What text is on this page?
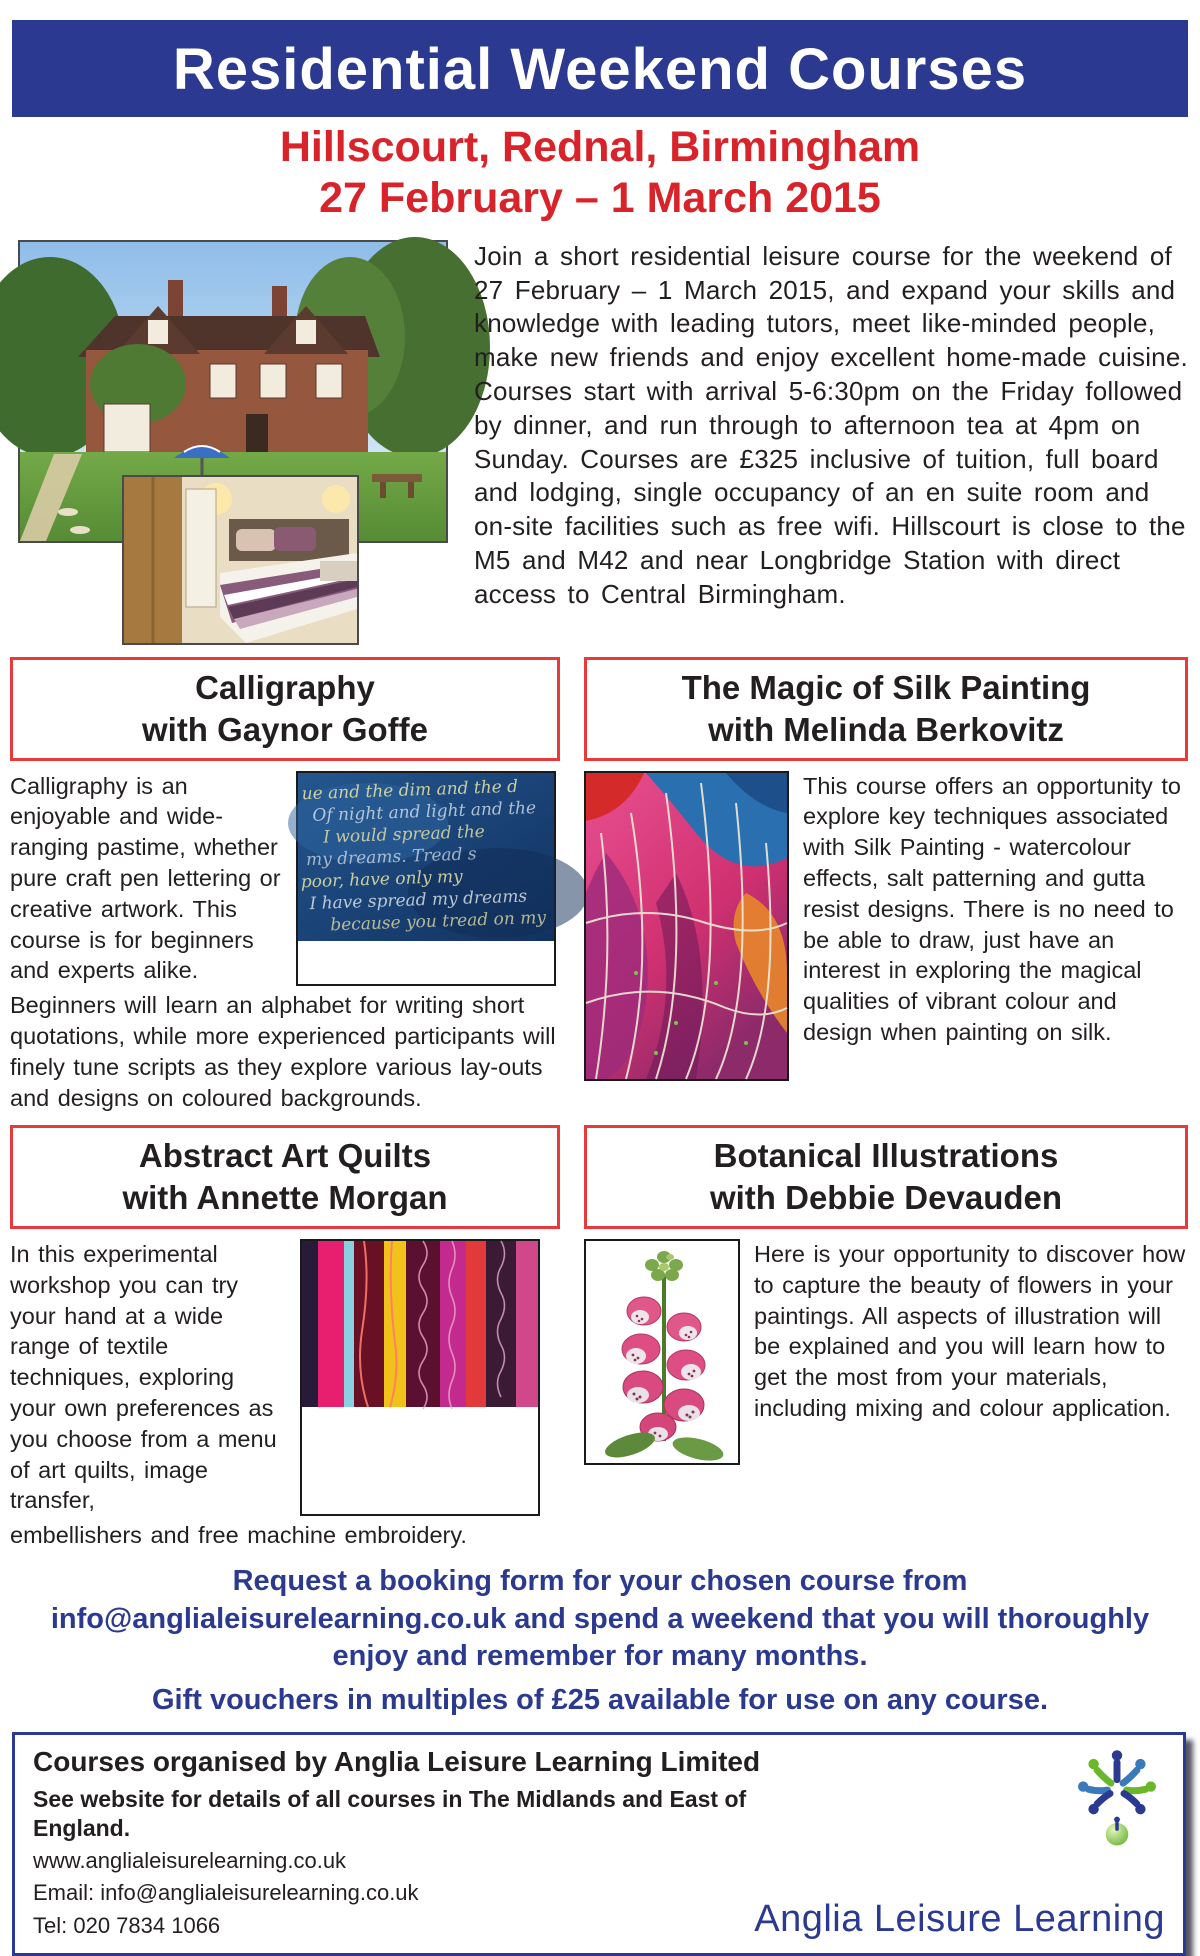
Residential Weekend Courses
Hillscourt, Rednal, Birmingham
27 February – 1 March 2015

Join a short residential leisure course for the weekend of 27 February – 1 March 2015, and expand your skills and knowledge with leading tutors, meet like-minded people, make new friends and enjoy excellent home-made cuisine. Courses start with arrival 5-6:30pm on the Friday followed by dinner, and run through to afternoon tea at 4pm on Sunday. Courses are £325 inclusive of tuition, full board and lodging, single occupancy of an en suite room and on-site facilities such as free wifi. Hillscourt is close to the M5 and M42 and near Longbridge Station with direct access to Central Birmingham.

Calligraphy
with Gaynor Goffe

Calligraphy is an enjoyable and wide-ranging pastime, whether pure craft pen lettering or creative artwork. This course is for beginners and experts alike.

ue and the dim and the d
Of night and light and the
I would spread the
my dreams. Tread s
poor, have only my
I have spread my dreams
because you tread on my

Beginners will learn an alphabet for writing short quotations, while more experienced participants will finely tune scripts as they explore various lay-outs and designs on coloured backgrounds.

The Magic of Silk Painting
with Melinda Berkovitz

This course offers an opportunity to explore key techniques associated with Silk Painting - watercolour effects, salt patterning and gutta resist designs. There is no need to be able to draw, just have an interest in exploring the magical qualities of vibrant colour and design when painting on silk.

Abstract Art Quilts
with Annette Morgan

In this experimental workshop you can try your hand at a wide range of textile techniques, exploring your own preferences as you choose from a menu of art quilts, image transfer,

embellishers and free machine embroidery.

Botanical Illustrations
with Debbie Devauden

Here is your opportunity to discover how to capture the beauty of flowers in your paintings. All aspects of illustration will be explained and you will learn how to get the most from your materials, including mixing and colour application.

Request a booking form for your chosen course from info@anglialeisurelearning.co.uk and spend a weekend that you will thoroughly enjoy and remember for many months.

Gift vouchers in multiples of £25 available for use on any course.

Courses organised by Anglia Leisure Learning Limited
See website for details of all courses in The Midlands and East of England.
www.anglialeisurelearning.co.uk
Email: info@anglialeisurelearning.co.uk
Tel: 020 7834 1066	Anglia Leisure Learning
